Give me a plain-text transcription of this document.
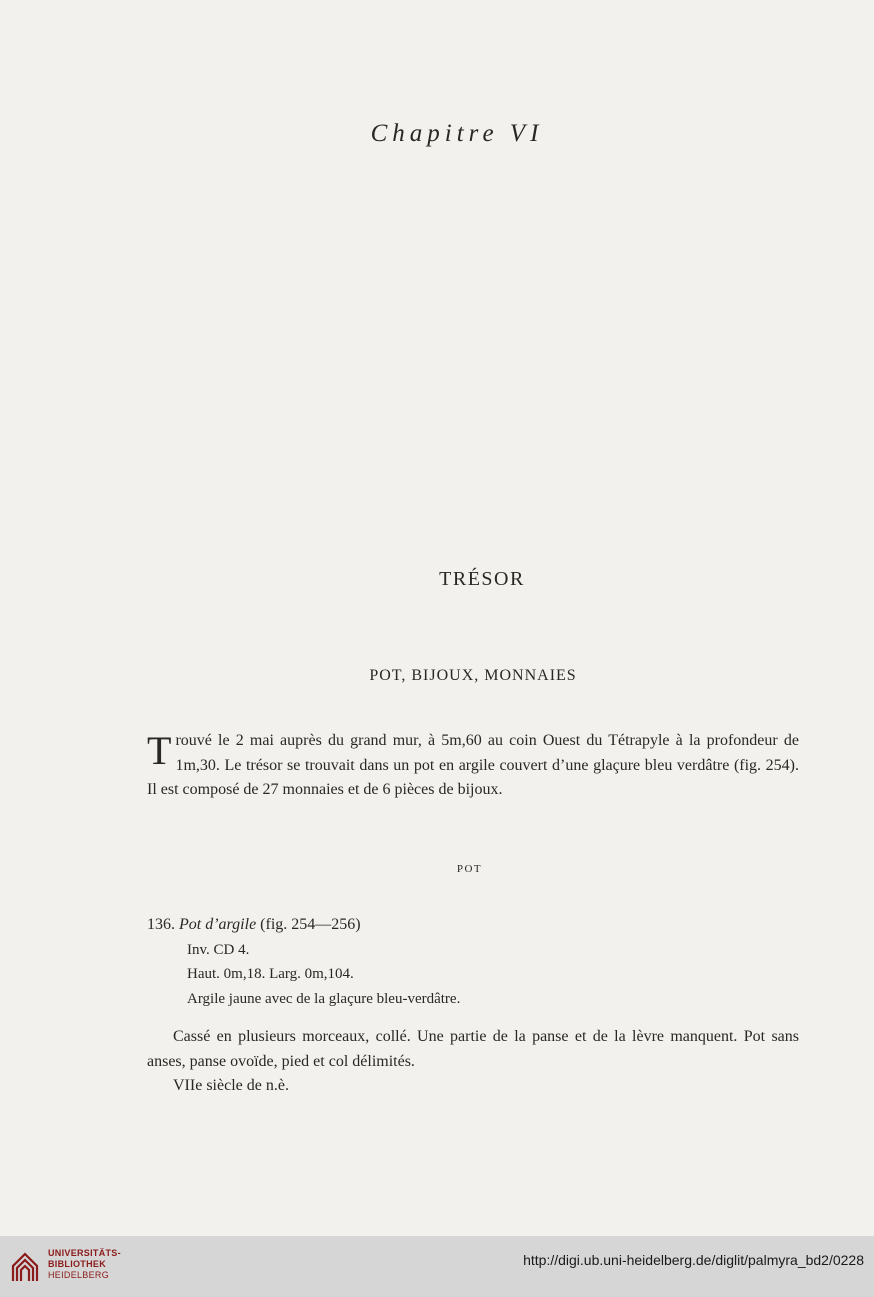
Chapitre VI
TRÉSOR
POT, BIJOUX, MONNAIES
T rouvé le 2 mai auprès du grand mur, à 5m,60 au coin Ouest du Tétrapyle à la profondeur de 1m,30. Le trésor se trouvait dans un pot en argile couvert d’une glaçure bleu verdâtre (fig. 254). Il est composé de 27 monnaies et de 6 pièces de bijoux.
POT
136. Pot d’argile (fig. 254—256)
Inv. CD 4.
Haut. 0m,18. Larg. 0m,104.
Argile jaune avec de la glaçure bleu-verdâtre.

Cassé en plusieurs morceaux, collé. Une partie de la panse et de la lèvre manquent. Pot sans anses, panse ovoïde, pied et col délimités.

VIIe siècle de n.è.

UNIVERSITÄTS-
BIBLIOTHEK
HEIDELBERG
http://digi.ub.uni-heidelberg.de/diglit/palmyra_bd2/0228
